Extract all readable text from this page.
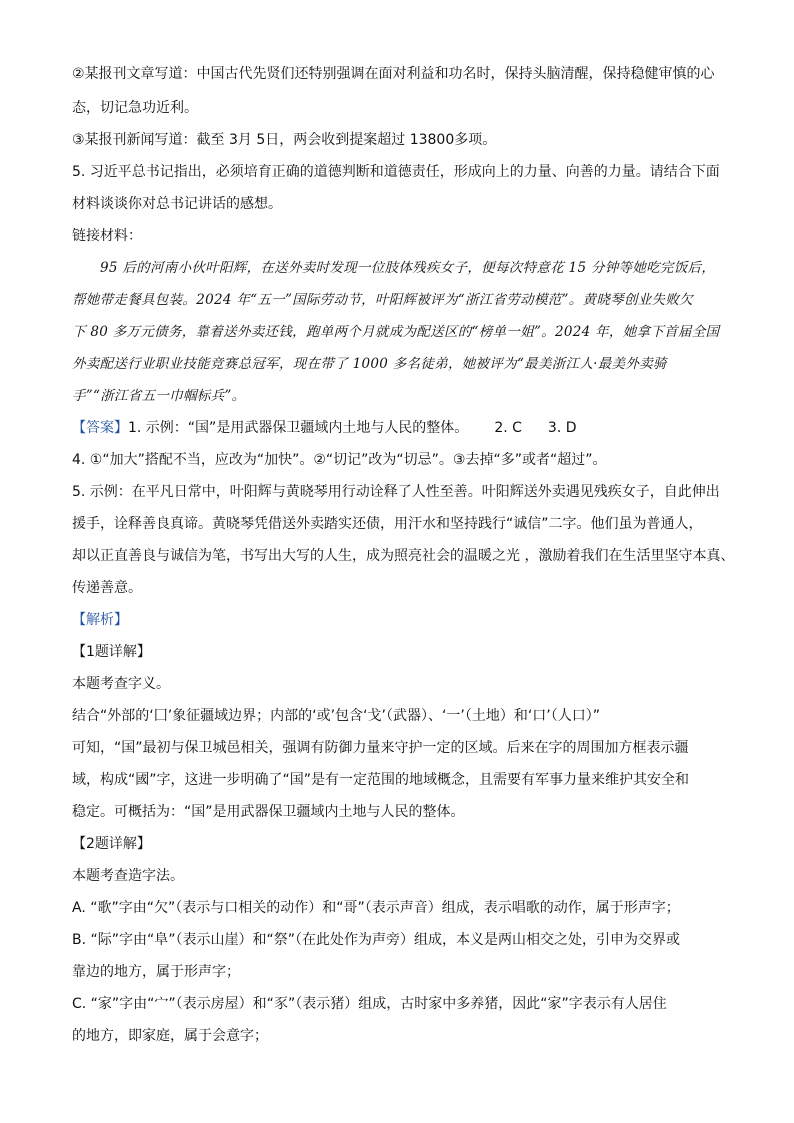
②某报刊文章写道：中国古代先贤们还特别强调在面对利益和功名时，保持头脑清醒，保持稳健审慎的心
态，切记急功近利。
③某报刊新闻写道：截至 3月 5日，两会收到提案超过 13800多项。
5. 习近平总书记指出，必须培育正确的道德判断和道德责任，形成向上的力量、向善的力量。请结合下面
材料谈谈你对总书记讲话的感想。
链接材料：
95 后的河南小伙叶阳辉，在送外卖时发现一位肢体残疾女子，便每次特意花 15 分钟等她吃完饭后，
帮她带走餐具包装。2024 年“五一”国际劳动节，叶阳辉被评为“浙江省劳动模范”。黄晓琴创业失败欠
下 80 多万元债务，靠着送外卖还钱，跑单两个月就成为配送区的“榜单一姐”。2024 年，她拿下首届全国
外卖配送行业职业技能竞赛总冠军，现在带了 1000 多名徒弟，她被评为“最美浙江人·最美外卖骑
手”“浙江省五一巾帼标兵”。
【答案】1. 示例：“国”是用武器保卫疆域内土地与人民的整体。 2. C 3. D
4. ①“加大”搭配不当，应改为“加快”。②“切记”改为“切忌”。③去掉“多”或者“超过”。
5. 示例：在平凡日常中，叶阳辉与黄晓琴用行动诠释了人性至善。叶阳辉送外卖遇见残疾女子，自此伸出
援手，诠释善良真谛。黄晓琴凭借送外卖踏实还债，用汗水和坚持践行“诚信”二字。他们虽为普通人，
却以正直善良与诚信为笔，书写出大写的人生，成为照亮社会的温暖之光 ，激励着我们在生活里坚守本真、
传递善意。
【解析】
【1题详解】
本题考查字义。
结合“外部的‘囗’象征疆域边界；内部的‘或’包含‘戈’（武器）、‘一’（土地）和‘口’（人口）”
可知，“国”最初与保卫城邑相关，强调有防御力量来守护一定的区域。后来在字的周围加方框表示疆
域，构成“國”字，这进一步明确了“国”是有一定范围的地域概念，且需要有军事力量来维护其安全和
稳定。可概括为：“国”是用武器保卫疆域内土地与人民的整体。
【2题详解】
本题考查造字法。
A. “歌”字由“欠”（表示与口相关的动作）和“哥”（表示声音）组成，表示唱歌的动作，属于形声字；
B. “际”字由“阜”（表示山崖）和“祭”（在此处作为声旁）组成，本义是两山相交之处，引申为交界或
靠边的地方，属于形声字；
C. “家”字由“宀”（表示房屋）和“豕”（表示猪）组成，古时家中多养猪，因此“家”字表示有人居住
的地方，即家庭，属于会意字；
